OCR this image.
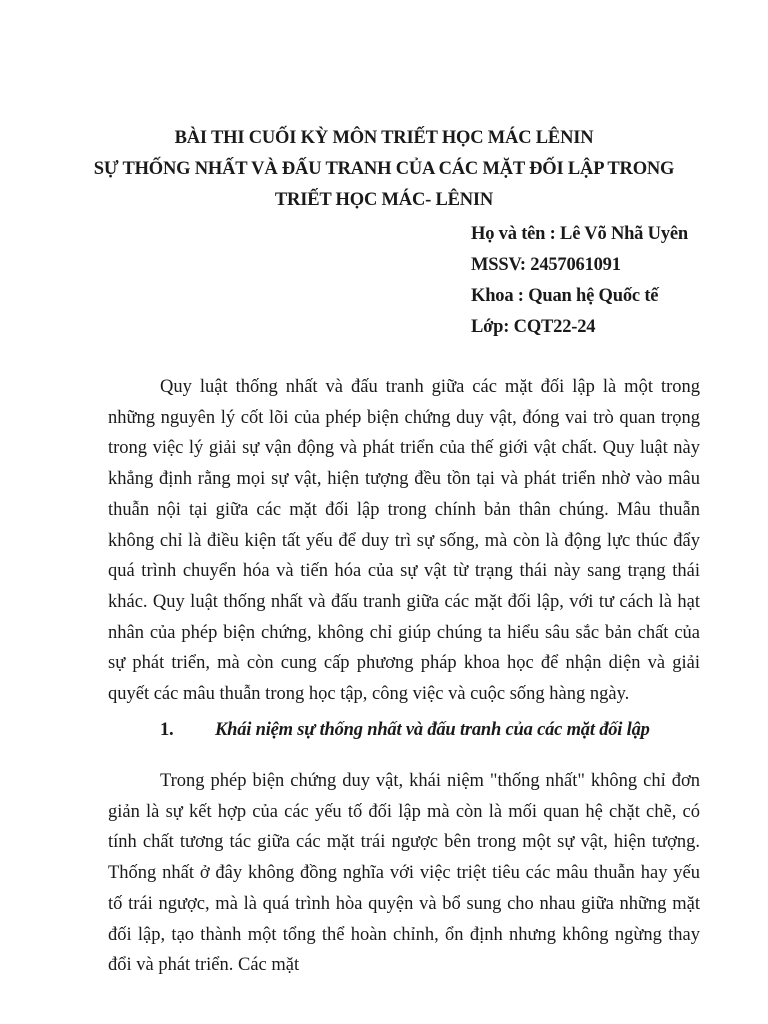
BÀI THI CUỐI KỲ MÔN TRIẾT HỌC MÁC LÊNIN
SỰ THỐNG NHẤT VÀ ĐẤU TRANH CỦA CÁC MẶT ĐỐI LẬP TRONG
TRIẾT HỌC MÁC- LÊNIN
Họ và tên : Lê Võ Nhã Uyên
MSSV: 2457061091
Khoa : Quan hệ Quốc tế
Lớp: CQT22-24

Quy luật thống nhất và đấu tranh giữa các mặt đối lập là một trong những nguyên lý cốt lõi của phép biện chứng duy vật, đóng vai trò quan trọng trong việc lý giải sự vận động và phát triển của thế giới vật chất. Quy luật này khẳng định rằng mọi sự vật, hiện tượng đều tồn tại và phát triển nhờ vào mâu thuẫn nội tại giữa các mặt đối lập trong chính bản thân chúng. Mâu thuẫn không chỉ là điều kiện tất yếu để duy trì sự sống, mà còn là động lực thúc đẩy quá trình chuyển hóa và tiến hóa của sự vật từ trạng thái này sang trạng thái khác. Quy luật thống nhất và đấu tranh giữa các mặt đối lập, với tư cách là hạt nhân của phép biện chứng, không chỉ giúp chúng ta hiểu sâu sắc bản chất của sự phát triển, mà còn cung cấp phương pháp khoa học để nhận diện và giải quyết các mâu thuẫn trong học tập, công việc và cuộc sống hàng ngày.

1. Khái niệm sự thống nhất và đấu tranh của các mặt đối lập

Trong phép biện chứng duy vật, khái niệm "thống nhất" không chỉ đơn giản là sự kết hợp của các yếu tố đối lập mà còn là mối quan hệ chặt chẽ, có tính chất tương tác giữa các mặt trái ngược bên trong một sự vật, hiện tượng. Thống nhất ở đây không đồng nghĩa với việc triệt tiêu các mâu thuẫn hay yếu tố trái ngược, mà là quá trình hòa quyện và bổ sung cho nhau giữa những mặt đối lập, tạo thành một tổng thể hoàn chỉnh, ổn định nhưng không ngừng thay đổi và phát triển. Các mặt
